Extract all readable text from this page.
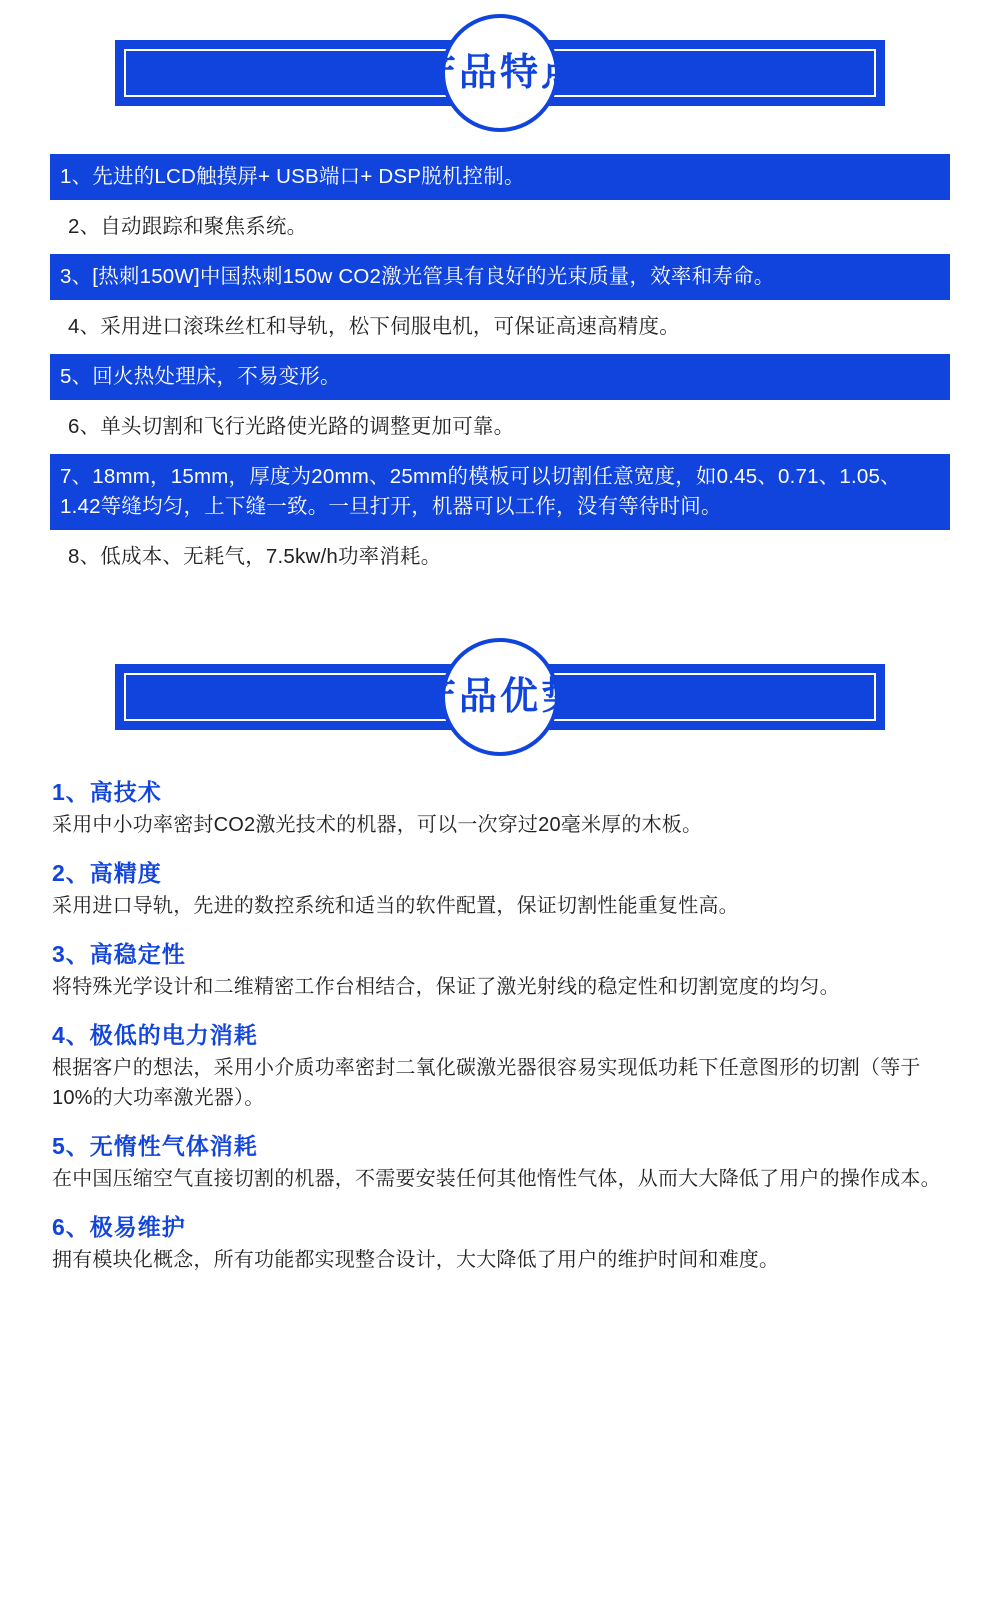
产品特点
1、先进的LCD触摸屏+ USB端口+ DSP脱机控制。
2、自动跟踪和聚焦系统。
3、[热刺150W]中国热刺150w CO2激光管具有良好的光束质量，效率和寿命。
4、采用进口滚珠丝杠和导轨，松下伺服电机，可保证高速高精度。
5、回火热处理床，不易变形。
6、单头切割和飞行光路使光路的调整更加可靠。
7、18mm，15mm，厚度为20mm、25mm的模板可以切割任意宽度，如0.45、0.71、1.05、1.42等缝均匀，上下缝一致。一旦打开，机器可以工作，没有等待时间。
8、低成本、无耗气，7.5kw/h功率消耗。
产品优势
1、高技术
采用中小功率密封CO2激光技术的机器，可以一次穿过20毫米厚的木板。
2、高精度
采用进口导轨，先进的数控系统和适当的软件配置，保证切割性能重复性高。
3、高稳定性
将特殊光学设计和二维精密工作台相结合，保证了激光射线的稳定性和切割宽度的均匀。
4、极低的电力消耗
根据客户的想法，采用小介质功率密封二氧化碳激光器很容易实现低功耗下任意图形的切割（等于10%的大功率激光器）。
5、无惰性气体消耗
在中国压缩空气直接切割的机器，不需要安装任何其他惰性气体，从而大大降低了用户的操作成本。
6、极易维护
拥有模块化概念，所有功能都实现整合设计，大大降低了用户的维护时间和难度。
